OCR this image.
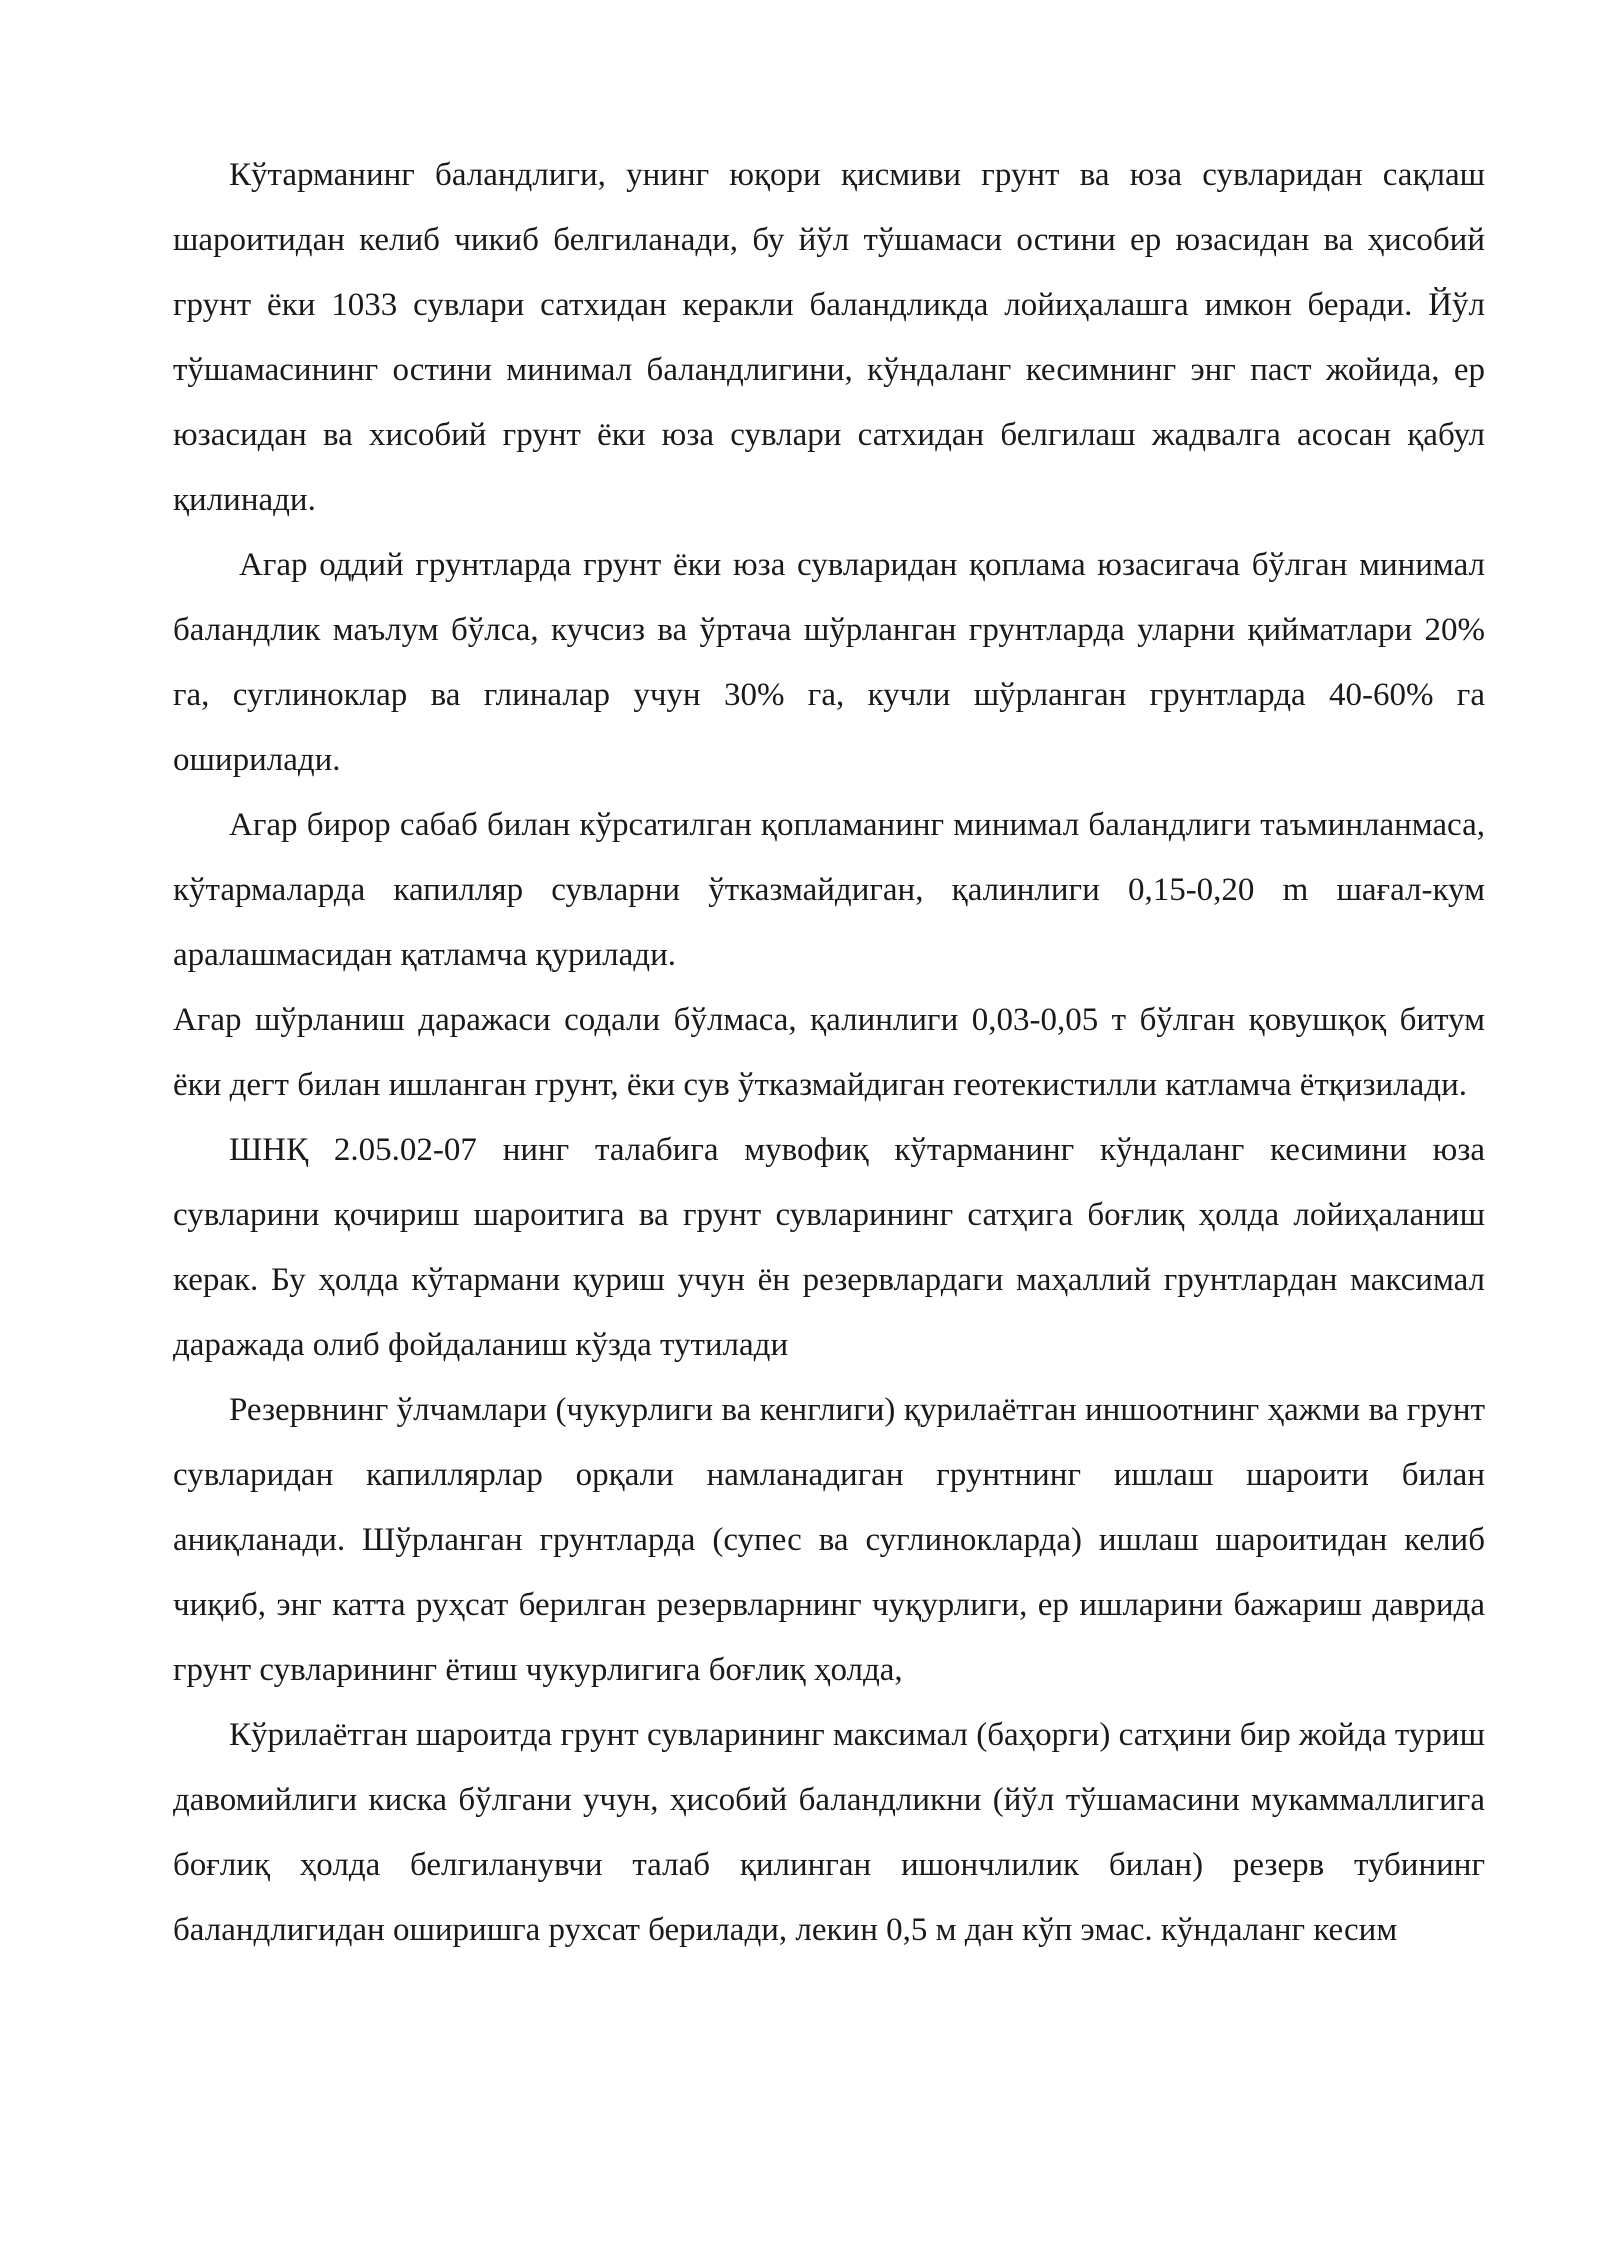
Кўтарманинг баландлиги, унинг юқори қисмиви грунт ва юза сувларидан сақлаш шароитидан келиб чикиб белгиланади, бу йўл тўшамаси остини ер юзасидан ва ҳисобий грунт ёки 1033 сувлари сатхидан керакли баландликда лойиҳалашга имкон беради. Йўл тўшамасининг остини минимал баландлигини, кўндаланг кесимнинг энг паст жойида, ер юзасидан ва хисобий грунт ёки юза сувлари сатхидан белгилаш жадвалга асосан қабул қилинади.

Агар оддий грунтларда грунт ёки юза сувларидан қоплама юзасигача бўлган минимал баландлик маълум бўлса, кучсиз ва ўртача шўрланган грунтларда уларни қийматлари 20% га, суглиноклар ва глиналар учун 30% га, кучли шўрланган грунтларда 40-60% га оширилади.

Агар бирор сабаб билан кўрсатилган қопламанинг минимал баландлиги таъминланмаса, кўтармаларда капилляр сувларни ўтказмайдиган, қалинлиги 0,15-0,20 m шағал-кум аралашмасидан қатламча қурилади.

Агар шўрланиш даражаси содали бўлмаса, қалинлиги 0,03-0,05 т бўлган қовушқоқ битум ёки дегт билан ишланган грунт, ёки сув ўтказмайдиган геотекистилли катламча ётқизилади.

ШНҚ 2.05.02-07 нинг талабига мувофиқ кўтарманинг кўндаланг кесимини юза сувларини қочириш шароитига ва грунт сувларининг сатҳига боғлиқ ҳолда лойиҳаланиш керак. Бу ҳолда кўтармани қуриш учун ён резервлардаги маҳаллий грунтлардан максимал даражада олиб фойдаланиш кўзда тутилади

Резервнинг ўлчамлари (чукурлиги ва кенглиги) қурилаётган иншоотнинг ҳажми ва грунт сувларидан капиллярлар орқали намланадиган грунтнинг ишлаш шароити билан аниқланади. Шўрланган грунтларда (супес ва суглинокларда) ишлаш шароитидан келиб чиқиб, энг катта руҳсат берилган резервларнинг чуқурлиги, ер ишларини бажариш даврида грунт сувларининг ётиш чукурлигига боғлиқ ҳолда,

Кўрилаётган шароитда грунт сувларининг максимал (баҳорги) сатҳини бир жойда туриш давомийлиги киска бўлгани учун, ҳисобий баландликни (йўл тўшамасини мукаммаллигига боғлиқ ҳолда белгиланувчи талаб қилинган ишончлилик билан) резерв тубининг баландлигидан оширишга рухсат берилади, лекин 0,5 м дан кўп эмас. кўндаланг кесим
